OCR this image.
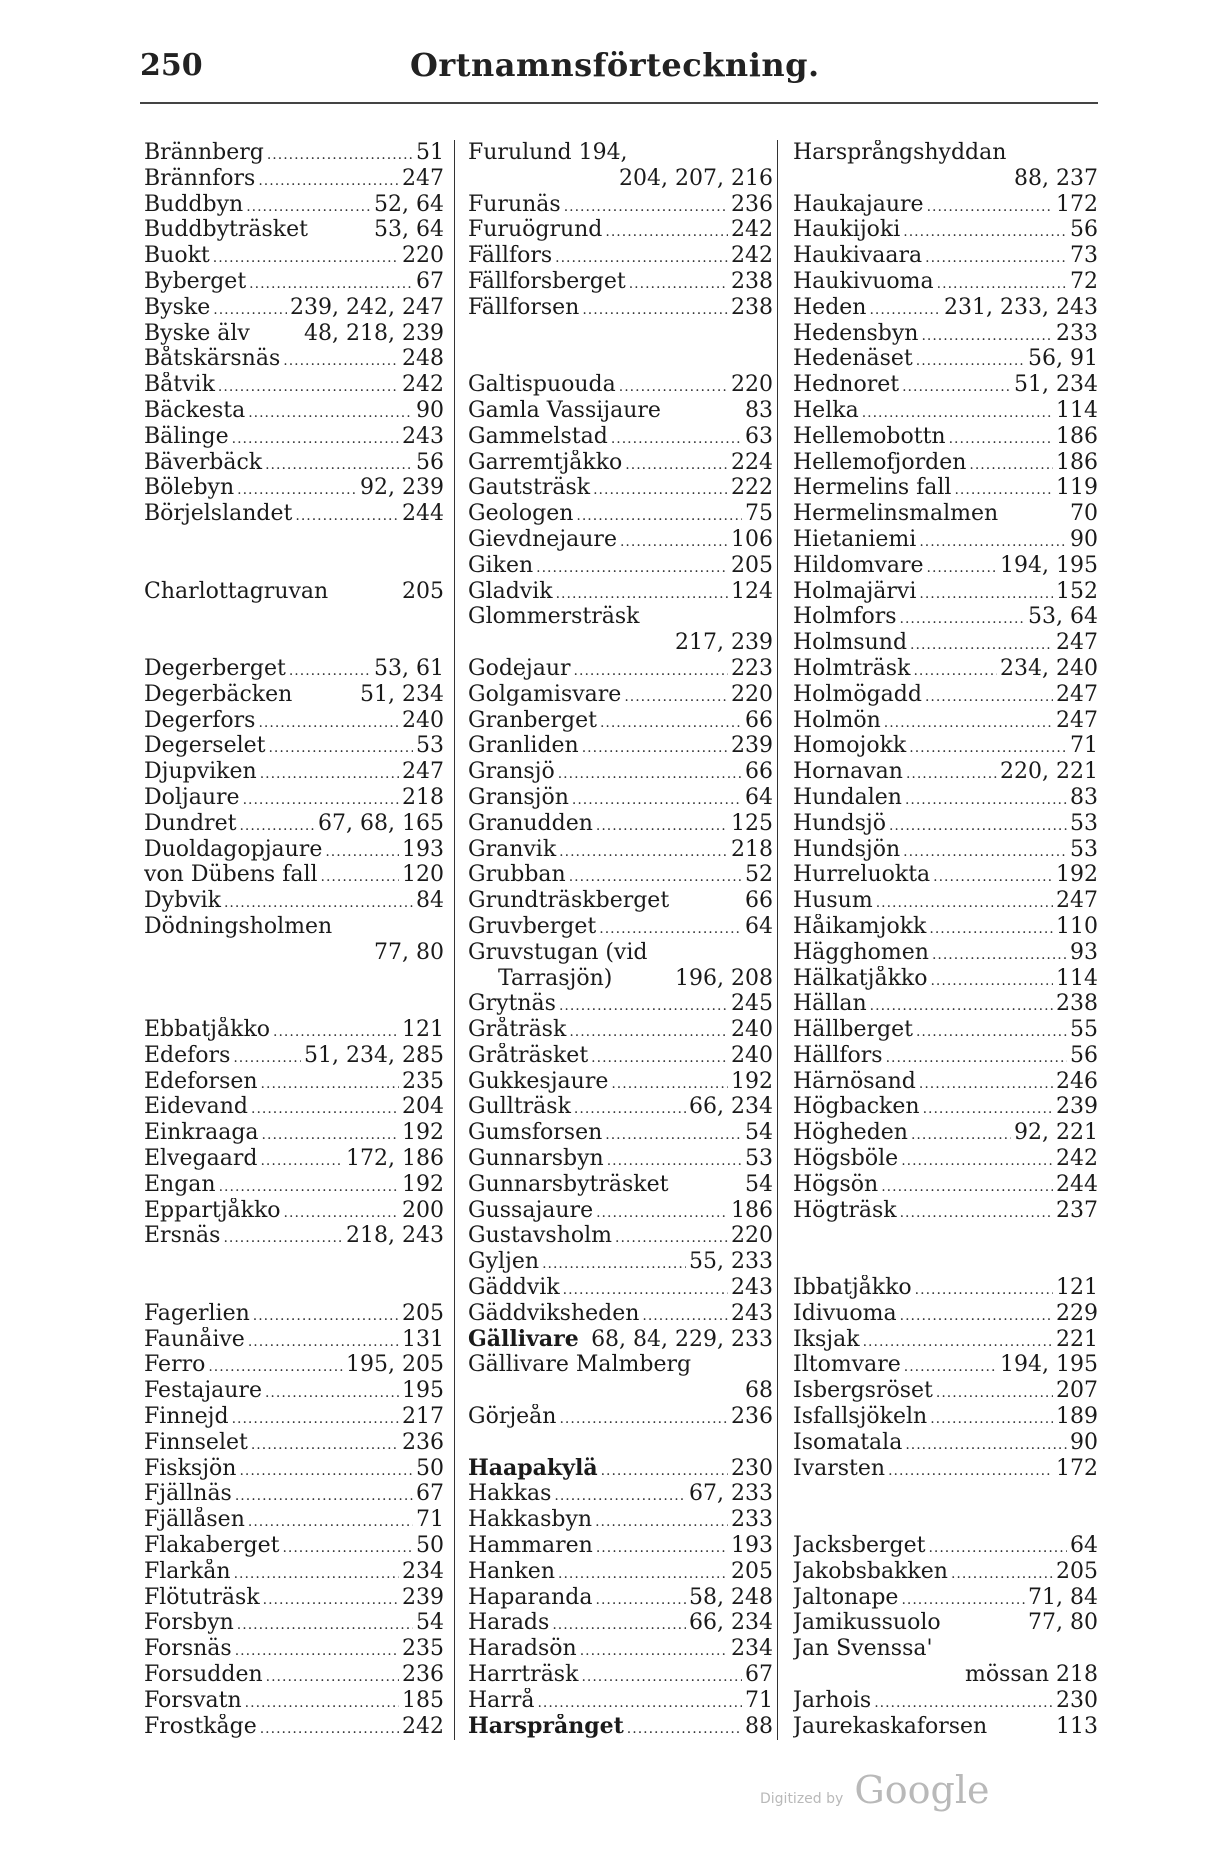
250	Ortnamnsförteckning.
Brännberg .....	51
Brännfors .....	247
Buddbyn .....	52, 64
Buddbyträsket	53, 64
Buokt .....	220
Byberget .....	67
Byske .....	239, 242, 247
Byske älv 48, 218, 239
Båtskärsnäs .....	248
Båtvik .....	242
Bäckesta .....	90
Bälinge .....	243
Bäverbäck .....	56
Bölebyn .....	92, 239
Börjelslandet .....	244
Charlottagruvan	205
Degerberget .....	53, 61
Degerbäcken	51, 234
Degerfors .....	240
Degerselet .....	53
Djupviken .....	247
Doljaure .....	218
Dundret .....	67, 68, 165
Duoldagopjaure .....	193
von Dübens fall .....	120
Dybvik .....	84
Dödningsholmen
77, 80
Ebbatjåkko .....	121
Edefors .....	51, 234, 285
Edeforsen .....	235
Eidevand .....	204
Einkraaga .....	192
Elvegaard .....	172, 186
Engan .....	192
Eppartjåkko .....	200
Ersnäs .....	218, 243
Fagerlien .....	205
Faunåive .....	131
Ferro .....	195, 205
Festajaure .....	195
Finnejd .....	217
Finnselet .....	236
Fisksjön .....	50
Fjällnäs .....	67
Fjällåsen .....	71
Flakaberget .....	50
Flarkån .....	234
Flötuträsk .....	239
Forsbyn .....	54
Forsnäs .....	235
Forsudden .....	236
Forsvatn .....	185
Frostkåge .....	242
Furulund 194,
204, 207, 216
Furunäs .....	236
Furuögrund .....	242
Fällfors .....	242
Fällforsberget .....	238
Fällforsen .....	238
Galtispuouda .....	220
Gamla Vassijaure	83
Gammelstad .....	63
Garremtjåkko .....	224
Gautsträsk .....	222
Geologen .....	75
Gievdnejaure .....	106
Giken .....	205
Gladvik .....	124
Glommersträsk
217, 239
Godejaur .....	223
Golgamisvare .....	220
Granberget .....	66
Granliden .....	239
Gransjö .....	66
Gransjön .....	64
Granudden .....	125
Granvik .....	218
Grubban .....	52
Grundträskberget	66
Gruvberget .....	64
Gruvstugan (vid
Tarrasjön)	196, 208
Grytnäs .....	245
Gråträsk .....	240
Gråträsket .....	240
Gukkesjaure .....	192
Gullträsk .....	66, 234
Gumsforsen .....	54
Gunnarsbyn .....	53
Gunnarsbyträsket	54
Gussajaure .....	186
Gustavsholm .....	220
Gyljen .....	55, 233
Gäddvik .....	243
Gäddviksheden .....	243
Gällivare 68, 84, 229, 233
Gällivare Malmberg
68
Görjeån .....	236
Haapakylä .....	230
Hakkas .....	67, 233
Hakkasbyn .....	233
Hammaren .....	193
Hanken .....	205
Haparanda .....	58, 248
Harads .....	66, 234
Haradsön .....	234
Harrträsk .....	67
Harrå .....	71
Harsprånget .....	88
Harsprångshyddan
88, 237
Haukajaure .....	172
Haukijoki .....	56
Haukivaara .....	73
Haukivuoma .....	72
Heden .....	231, 233, 243
Hedensbyn .....	233
Hedenäset .....	56, 91
Hednoret .....	51, 234
Helka .....	114
Hellemobottn .....	186
Hellemofjorden .....	186
Hermelins fall .....	119
Hermelinsmalmen	70
Hietaniemi .....	90
Hildomvare .....	194, 195
Holmajärvi .....	152
Holmfors .....	53, 64
Holmsund .....	247
Holmträsk .....	234, 240
Holmögadd .....	247
Holmön .....	247
Homojokk .....	71
Hornavan .....	220, 221
Hundalen .....	83
Hundsjö .....	53
Hundsjön .....	53
Hurreluokta .....	192
Husum .....	247
Håikamjokk .....	110
Hägghomen .....	93
Hälkatjåkko .....	114
Hällan .....	238
Hällberget .....	55
Hällfors .....	56
Härnösand .....	246
Högbacken .....	239
Högheden .....	92, 221
Högsböle .....	242
Högsön .....	244
Högträsk .....	237
Ibbatjåkko .....	121
Idivuoma .....	229
Iksjak .....	221
Iltomvare .....	194, 195
Isbergsröset .....	207
Isfallsjökeln .....	189
Isomatala .....	90
Ivarsten .....	172
Jacksberget .....	64
Jakobsbakken .....	205
Jaltonape .....	71, 84
Jamikussuolo	77, 80
Jan Svenssa'
mössan 218
Jarhois .....	230
Jaurekaskaforsen	113
Digitized by Google
